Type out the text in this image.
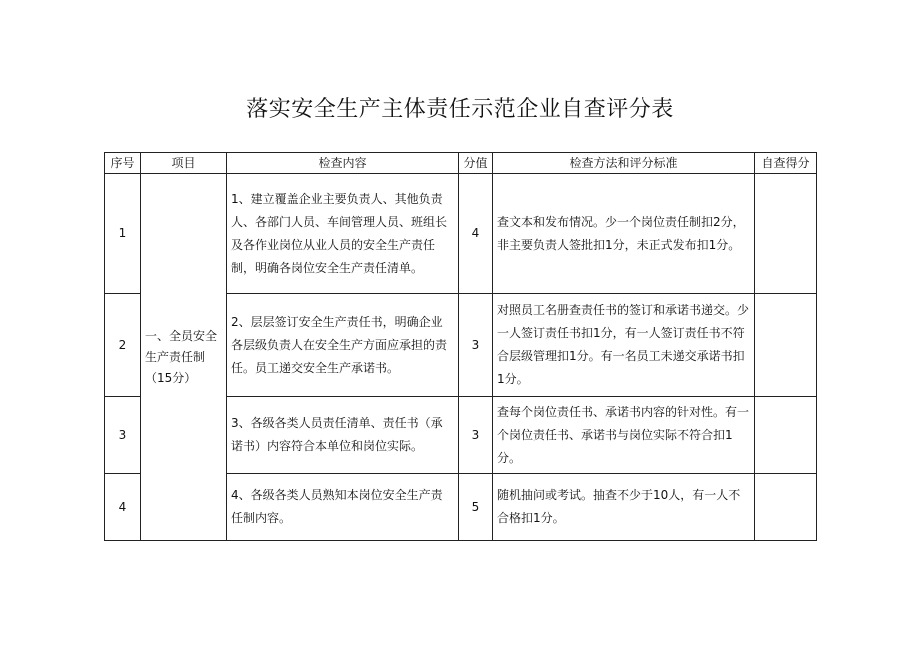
落实安全生产主体责任示范企业自查评分表
序号	项目	检查内容	分值	检查方法和评分标准	自查得分
1	一、全员安全生产责任制（15分）	1、建立覆盖企业主要负责人、其他负责人、各部门人员、车间管理人员、班组长及各作业岗位从业人员的安全生产责任制，明确各岗位安全生产责任清单。	4	查文本和发布情况。少一个岗位责任制扣2分，非主要负责人签批扣1分，未正式发布扣1分。	
2		2、层层签订安全生产责任书，明确企业各层级负责人在安全生产方面应承担的责任。员工递交安全生产承诺书。	3	对照员工名册查责任书的签订和承诺书递交。少一人签订责任书扣1分，有一人签订责任书不符合层级管理扣1分。有一名员工未递交承诺书扣1分。	
3		3、各级各类人员责任清单、责任书（承诺书）内容符合本单位和岗位实际。	3	查每个岗位责任书、承诺书内容的针对性。有一个岗位责任书、承诺书与岗位实际不符合扣1分。	
4		4、各级各类人员熟知本岗位安全生产责任制内容。	5	随机抽问或考试。抽查不少于10人，有一人不合格扣1分。	
